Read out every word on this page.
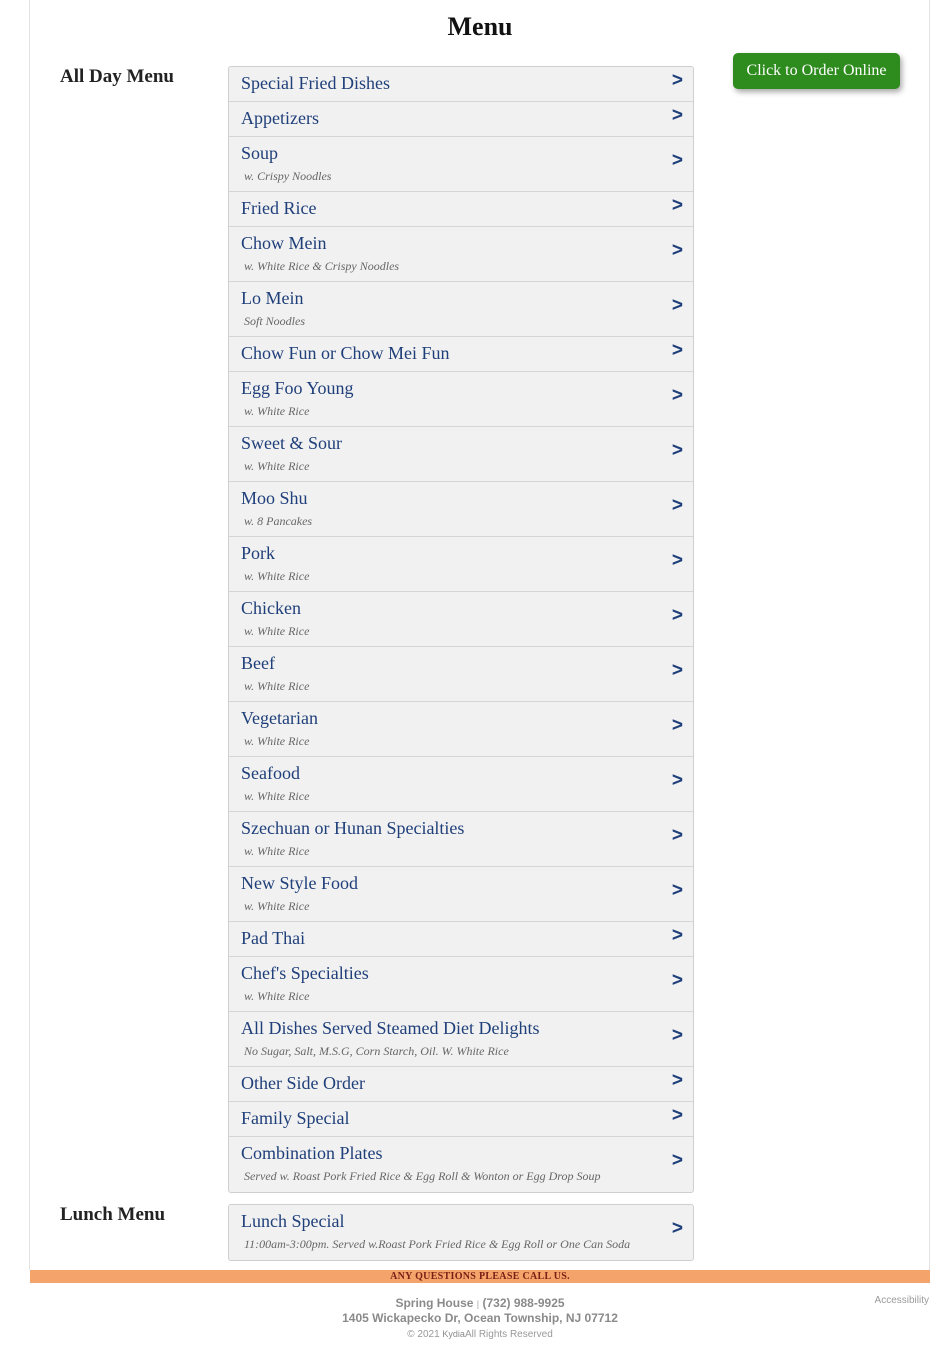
Menu
All Day Menu	Special Fried Dishes	>
Appetizers	>
Soup
w. Crispy Noodles
>
Fried Rice	>
Chow Mein
w. White Rice & Crispy Noodles
>
Lo Mein
Soft Noodles
>
Chow Fun or Chow Mei Fun	>
Egg Foo Young
w. White Rice
>
Sweet & Sour
w. White Rice
>
Moo Shu
w. 8 Pancakes
>
Pork
w. White Rice
>
Chicken
w. White Rice
>
Beef
w. White Rice
>
Vegetarian
w. White Rice
>
Seafood
w. White Rice
>
Szechuan or Hunan Specialties
w. White Rice
>
New Style Food
w. White Rice
>
Pad Thai	>
Chef's Specialties
w. White Rice
>
All Dishes Served Steamed Diet Delights
No Sugar, Salt, M.S.G, Corn Starch, Oil. W. White Rice
>
Other Side Order	>
Family Special	>
Combination Plates
Served w. Roast Pork Fried Rice & Egg Roll & Wonton or Egg Drop Soup
>
Click to Order Online
Lunch Menu	Lunch Special
11:00am-3:00pm. Served w.Roast Pork Fried Rice & Egg Roll or One Can Soda
>
ANY QUESTIONS PLEASE CALL US.
Spring House | (732) 988-9925
1405 Wickapecko Dr, Ocean Township, NJ 07712
© 2021 KydiaAll Rights Reserved
Accessibility
